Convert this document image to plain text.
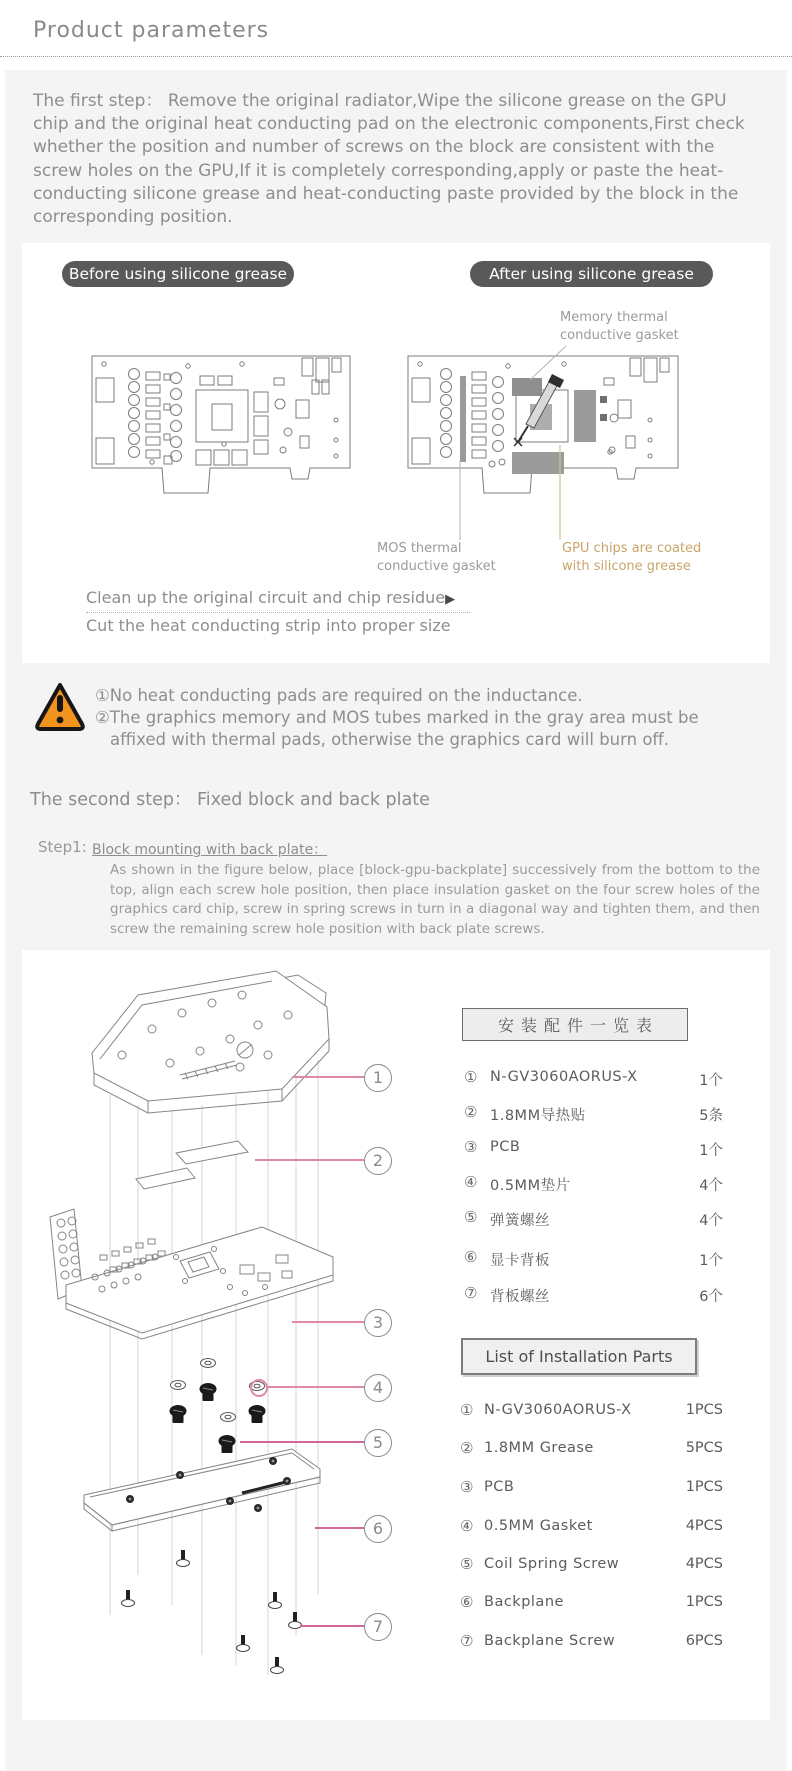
Product parameters
The first step： Remove the original radiator,Wipe the silicone grease on the GPU chip and the original heat conducting pad on the electronic components,First check whether the position and number of screws on the block are consistent with the screw holes on the GPU,If it is completely corresponding,apply or paste the heat-conducting silicone grease and heat-conducting paste provided by the block in the corresponding position.
Before using silicone grease	After using silicone grease
Memory thermal
conductive gasket
MOS thermal
conductive gasket
GPU chips are coated
with silicone grease
Clean up the original circuit and chip residue▶
Cut the heat conducting strip into proper size
①No heat conducting pads are required on the inductance.
②The graphics memory and MOS tubes marked in the gray area must be
affixed with thermal pads, otherwise the graphics card will burn off.
The second step： Fixed block and back plate
Step1: Block mounting with back plate：
As shown in the figure below, place [block-gpu-backplate] successively from the bottom to the top, align each screw hole position, then place insulation gasket on the four screw holes of the graphics card chip, screw in spring screws in turn in a diagonal way and tighten them, and then screw the remaining screw hole position with back plate screws.
1
2
3
4
5
6
7
安装配件一览表
① N-GV3060AORUS-X	1个
② 1.8MM导热贴	5条
③ PCB	1个
④ 0.5MM垫片	4个
⑤ 弹簧螺丝	4个
⑥ 显卡背板	1个
⑦ 背板螺丝	6个
List of Installation Parts
① N-GV3060AORUS-X	1PCS
② 1.8MM Grease	5PCS
③ PCB	1PCS
④ 0.5MM Gasket	4PCS
⑤ Coil Spring Screw	4PCS
⑥ Backplane	1PCS
⑦ Backplane Screw	6PCS
